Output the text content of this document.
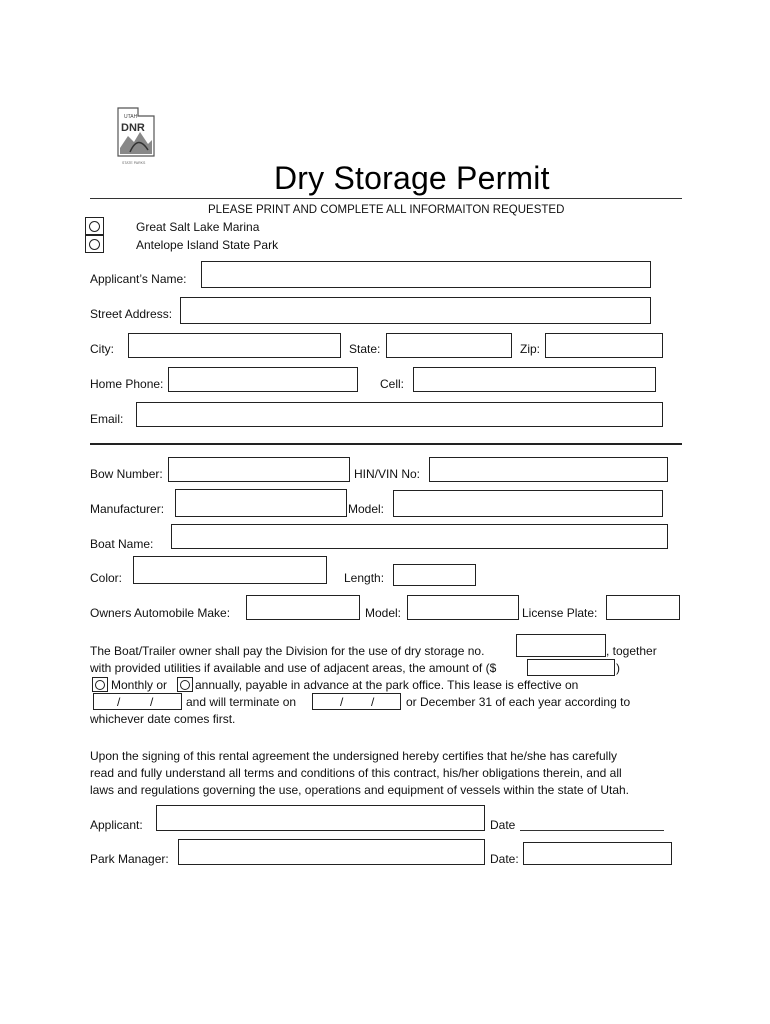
UTAH
DNR
STATE PARKS	Dry Storage Permit
PLEASE PRINT AND COMPLETE ALL INFORMAITON REQUESTED
Great Salt Lake Marina
Antelope Island State Park
Applicant’s Name:
Street Address:
City:	State:	Zip:
Home Phone:	Cell:
Email:
Bow Number:	HIN/VIN No:
Manufacturer:	Model:
Boat Name:
Color:	Length:
Owners Automobile Make:	Model:	License Plate:
The Boat/Trailer owner shall pay the Division for the use of dry storage no.	, together
with provided utilities if available and use of adjacent areas, the amount of ($	)
Monthly or annually, payable in advance at the park office. This lease is effective on
/ /	and will terminate on	/ /	or December 31 of each year according to
whichever date comes first.
Upon the signing of this rental agreement the undersigned hereby certifies that he/she has carefully
read and fully understand all terms and conditions of this contract, his/her obligations therein, and all
laws and regulations governing the use, operations and equipment of vessels within the state of Utah.
Applicant:	Date
Park Manager:	Date:
